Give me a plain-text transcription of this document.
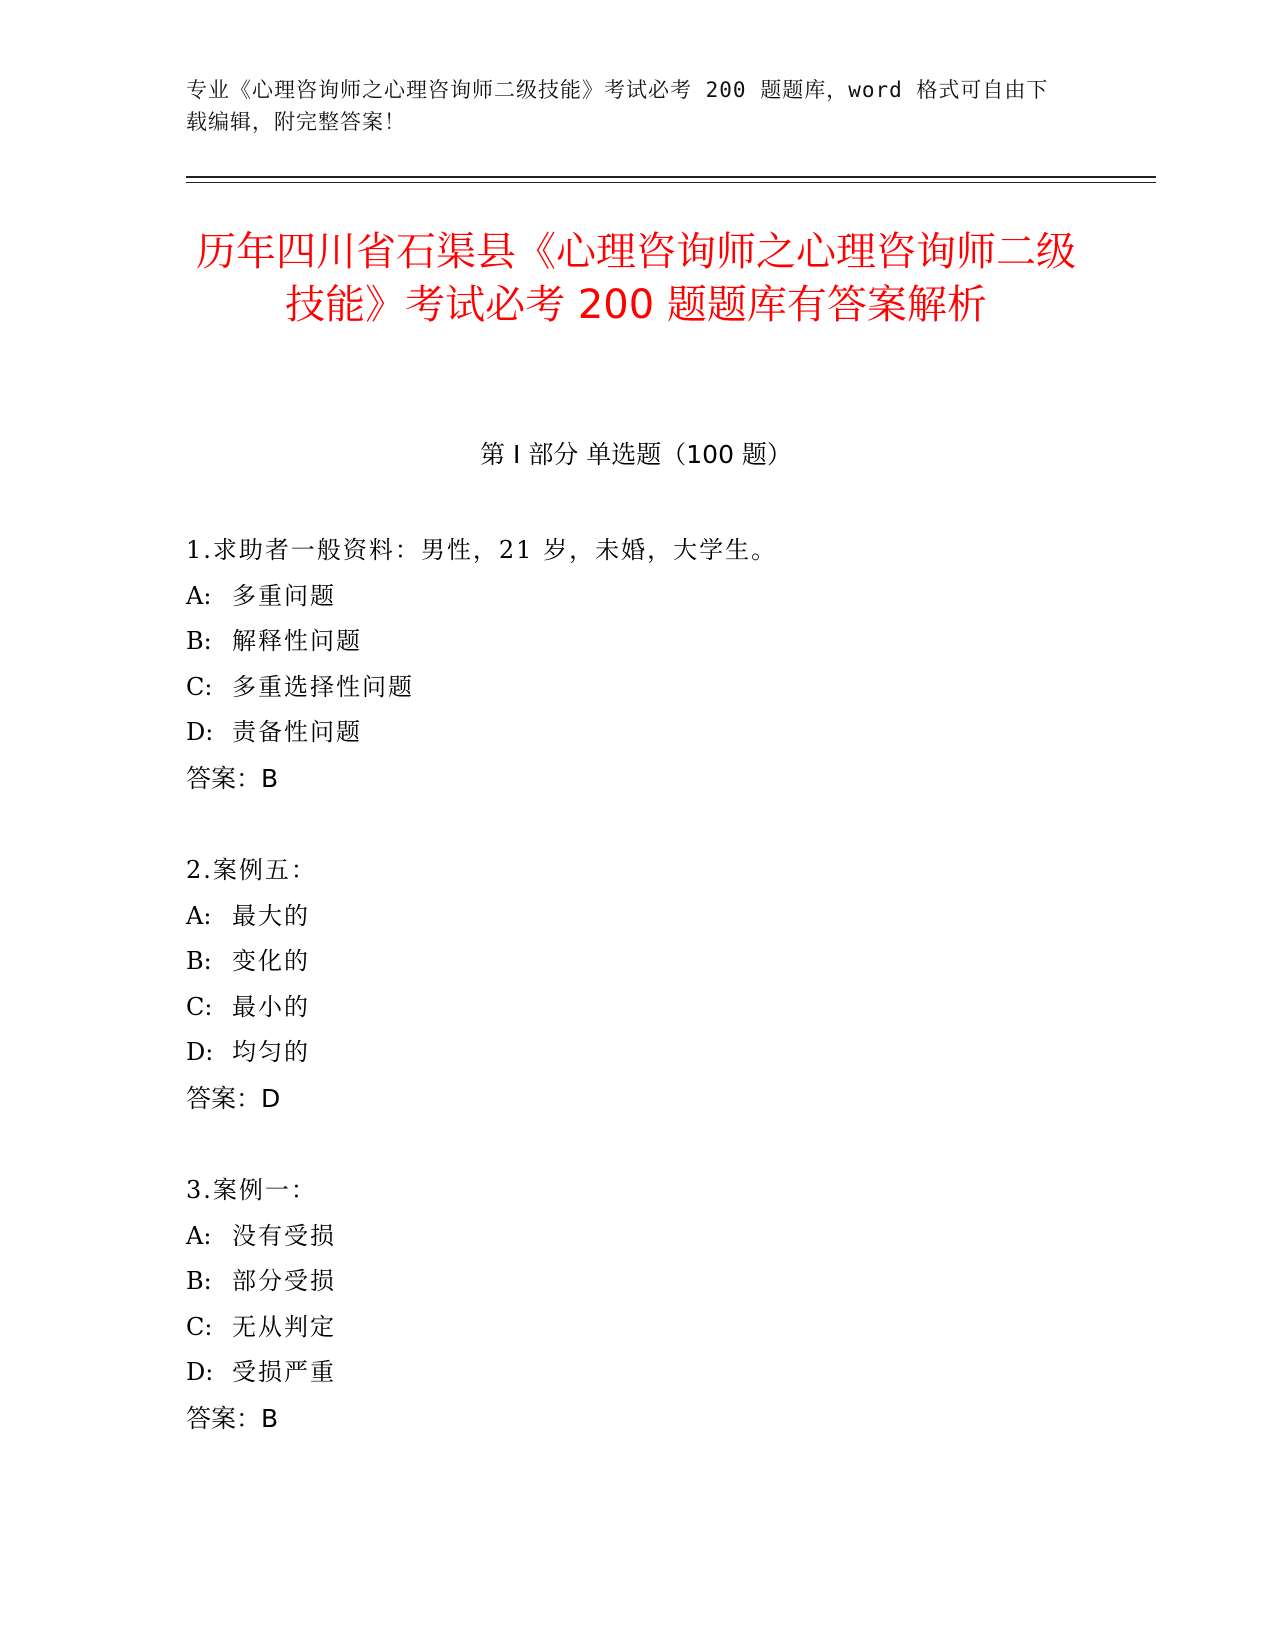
专业《心理咨询师之心理咨询师二级技能》考试必考 200 题题库，word 格式可自由下载编辑，附完整答案！
历年四川省石渠县《心理咨询师之心理咨询师二级技能》考试必考 200 题题库有答案解析
第 I 部分 单选题（100 题）
1.求助者一般资料：男性，21 岁，未婚，大学生。
A: 多重问题
B: 解释性问题
C: 多重选择性问题
D: 责备性问题
答案：B
2.案例五：
A: 最大的
B: 变化的
C: 最小的
D: 均匀的
答案：D
3.案例一：
A: 没有受损
B: 部分受损
C: 无从判定
D: 受损严重
答案：B
